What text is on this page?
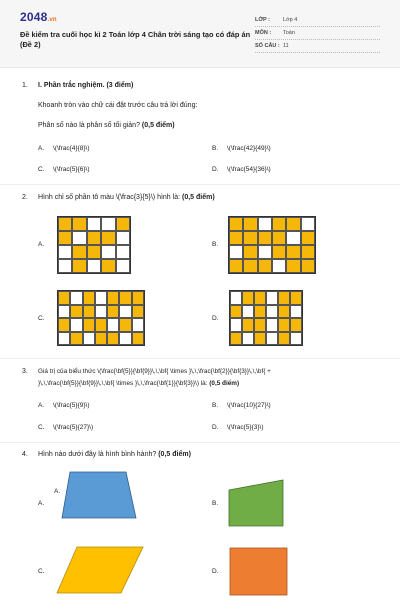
2048.vn
Đề kiểm tra cuối học kì 2 Toán lớp 4 Chân trời sáng tạo có đáp án (Đề 2)
LỚP :	Lớp 4
MÔN :	Toán
SỐ CÂU : 11
1. I. Phần trắc nghiệm. (3 điểm)
Khoanh tròn vào chữ cái đặt trước câu trả lời đúng:
Phân số nào là phân số tối giản? (0,5 điểm)
A. \(\frac{4}{8}\)	B. \(\frac{42}{49}\)
C. \(\frac{5}{6}\)	D. \(\frac{54}{36}\)
2. Hình chỉ số phần tô màu \(\frac{3}{5}\) hình là: (0,5 điểm)
A.	B.
C.	D.
3. Giá trị của biểu thức \(\frac{\bf{5}}{\bf{9}}\,\,\bf{ \times }\,\,\frac{\bf{2}}{\bf{3}}\,\,\bf{ +
}\,\,\frac{\bf{5}}{\bf{9}}\,\,\bf{ \times }\,\,\frac{\bf{1}}{\bf{3}}\) là: (0,5 điểm)
A. \(\frac{5}{9}\)	B. \(\frac{10}{27}\)
C. \(\frac{5}{27}\)	D. \(\frac{5}{3}\)
4. Hình nào dưới đây là hình bình hành? (0,5 điểm)
A.
A.	B.
C.	D.
